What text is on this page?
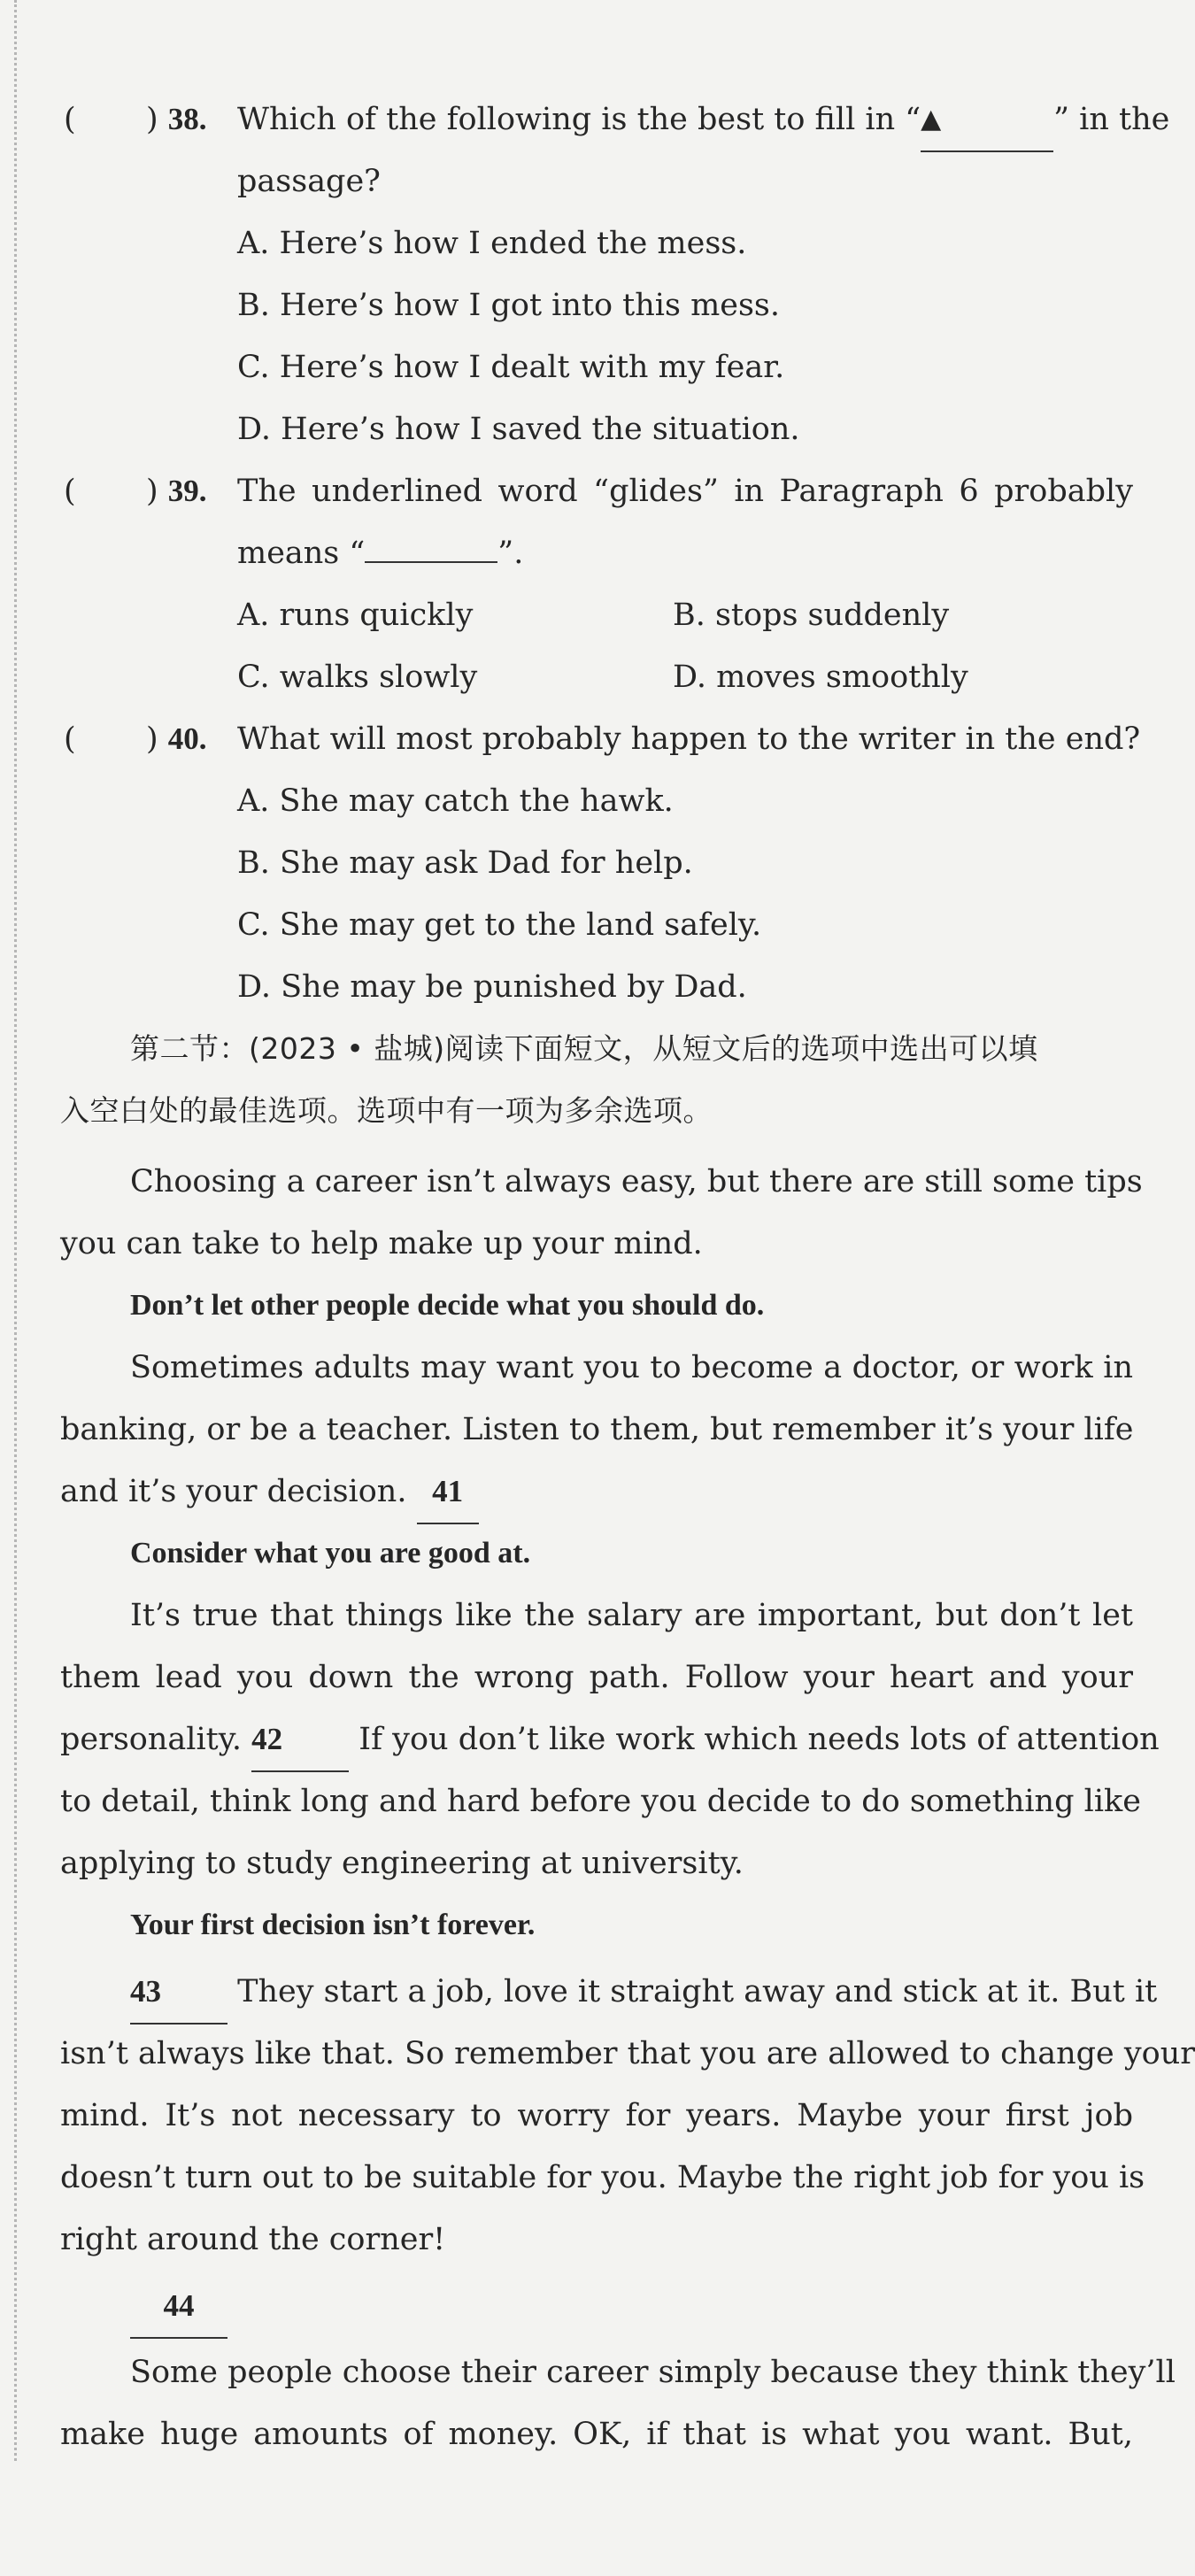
( ) 38. Which of the following is the best to fill in “▲	” in the
passage?
A. Here’s how I ended the mess.
B. Here’s how I got into this mess.
C. Here’s how I dealt with my fear.
D. Here’s how I saved the situation.
( ) 39. The underlined word “glides” in Paragraph 6 probably
means “	”.
A. runs quickly	B. stops suddenly
C. walks slowly	D. moves smoothly
( ) 40. What will most probably happen to the writer in the end?
A. She may catch the hawk.
B. She may ask Dad for help.
C. She may get to the land safely.
D. She may be punished by Dad.
第二节：(2023 • 盐城)阅读下面短文，从短文后的选项中选出可以填
入空白处的最佳选项。选项中有一项为多余选项。
Choosing a career isn’t always easy, but there are still some tips
you can take to help make up your mind.
Don’t let other people decide what you should do.
Sometimes adults may want you to become a doctor, or work in
banking, or be a teacher. Listen to them, but remember it’s your life
and it’s your decision. 41
Consider what you are good at.
It’s true that things like the salary are important, but don’t let
them lead you down the wrong path. Follow your heart and your
personality. 42 If you don’t like work which needs lots of attention
to detail, think long and hard before you decide to do something like
applying to study engineering at university.
Your first decision isn’t forever.
43 They start a job, love it straight away and stick at it. But it
isn’t always like that. So remember that you are allowed to change your
mind. It’s not necessary to worry for years. Maybe your first job
doesn’t turn out to be suitable for you. Maybe the right job for you is
right around the corner!
44
Some people choose their career simply because they think they’ll
make huge amounts of money. OK, if that is what you want. But,
